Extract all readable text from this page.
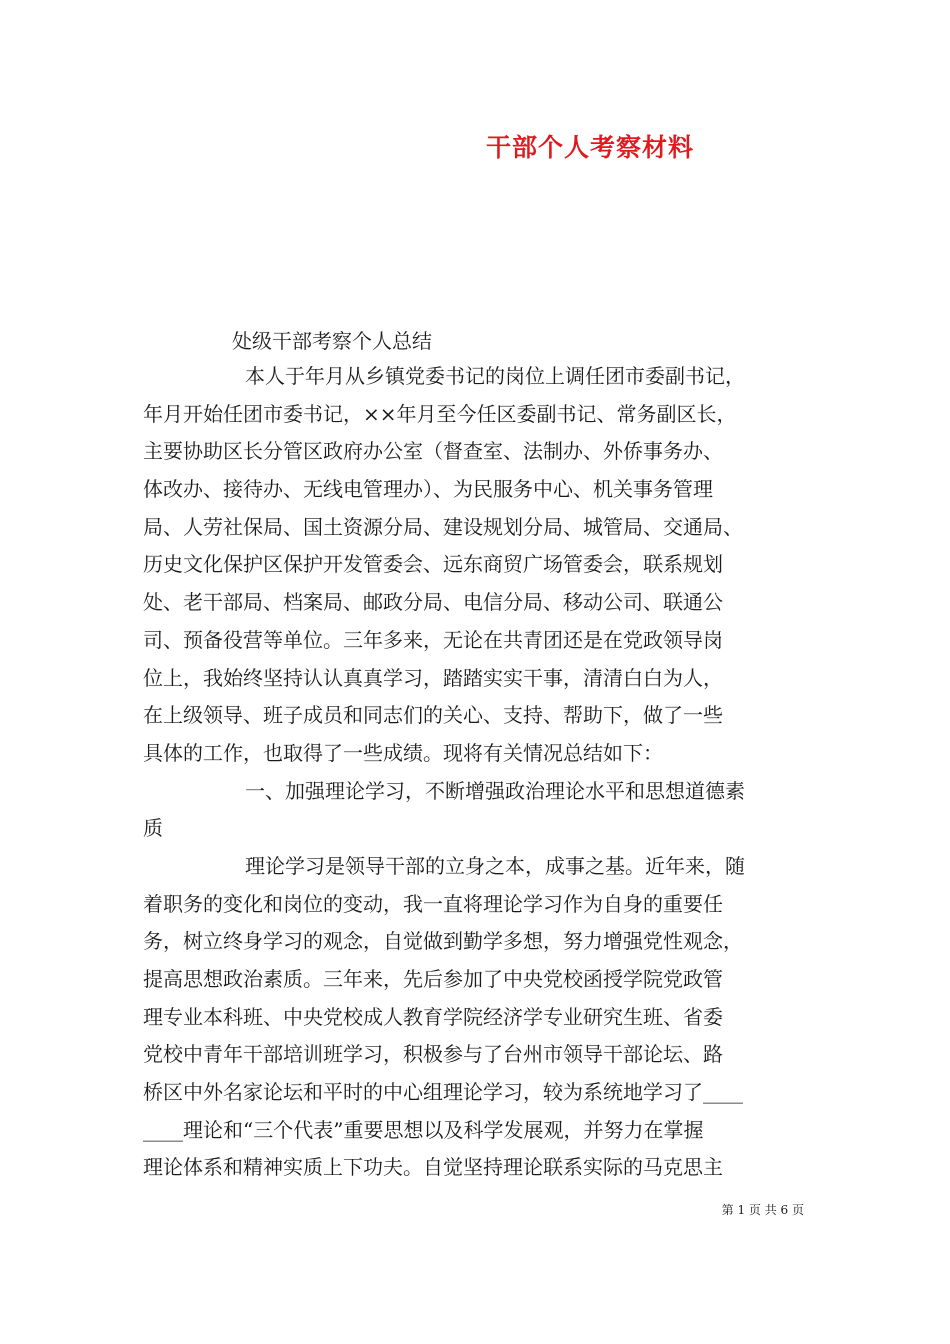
干部个人考察材料
处级干部考察个人总结
本人于年月从乡镇党委书记的岗位上调任团市委副书记，
年月开始任团市委书记，××年月至今任区委副书记、常务副区长，
主要协助区长分管区政府办公室（督查室、法制办、外侨事务办、
体改办、接待办、无线电管理办）、为民服务中心、机关事务管理
局、人劳社保局、国土资源分局、建设规划分局、城管局、交通局、
历史文化保护区保护开发管委会、远东商贸广场管委会，联系规划
处、老干部局、档案局、邮政分局、电信分局、移动公司、联通公
司、预备役营等单位。三年多来，无论在共青团还是在党政领导岗
位上，我始终坚持认认真真学习，踏踏实实干事，清清白白为人，
在上级领导、班子成员和同志们的关心、支持、帮助下，做了一些
具体的工作，也取得了一些成绩。现将有关情况总结如下：
一、加强理论学习，不断增强政治理论水平和思想道德素
质
理论学习是领导干部的立身之本，成事之基。近年来，随
着职务的变化和岗位的变动，我一直将理论学习作为自身的重要任
务，树立终身学习的观念，自觉做到勤学多想，努力增强党性观念，
提高思想政治素质。三年来，先后参加了中央党校函授学院党政管
理专业本科班、中央党校成人教育学院经济学专业研究生班、省委
党校中青年干部培训班学习，积极参与了台州市领导干部论坛、路
桥区中外名家论坛和平时的中心组理论学习，较为系统地学习了____
____理论和“三个代表”重要思想以及科学发展观，并努力在掌握
理论体系和精神实质上下功夫。自觉坚持理论联系实际的马克思主
第 1 页 共 6 页
